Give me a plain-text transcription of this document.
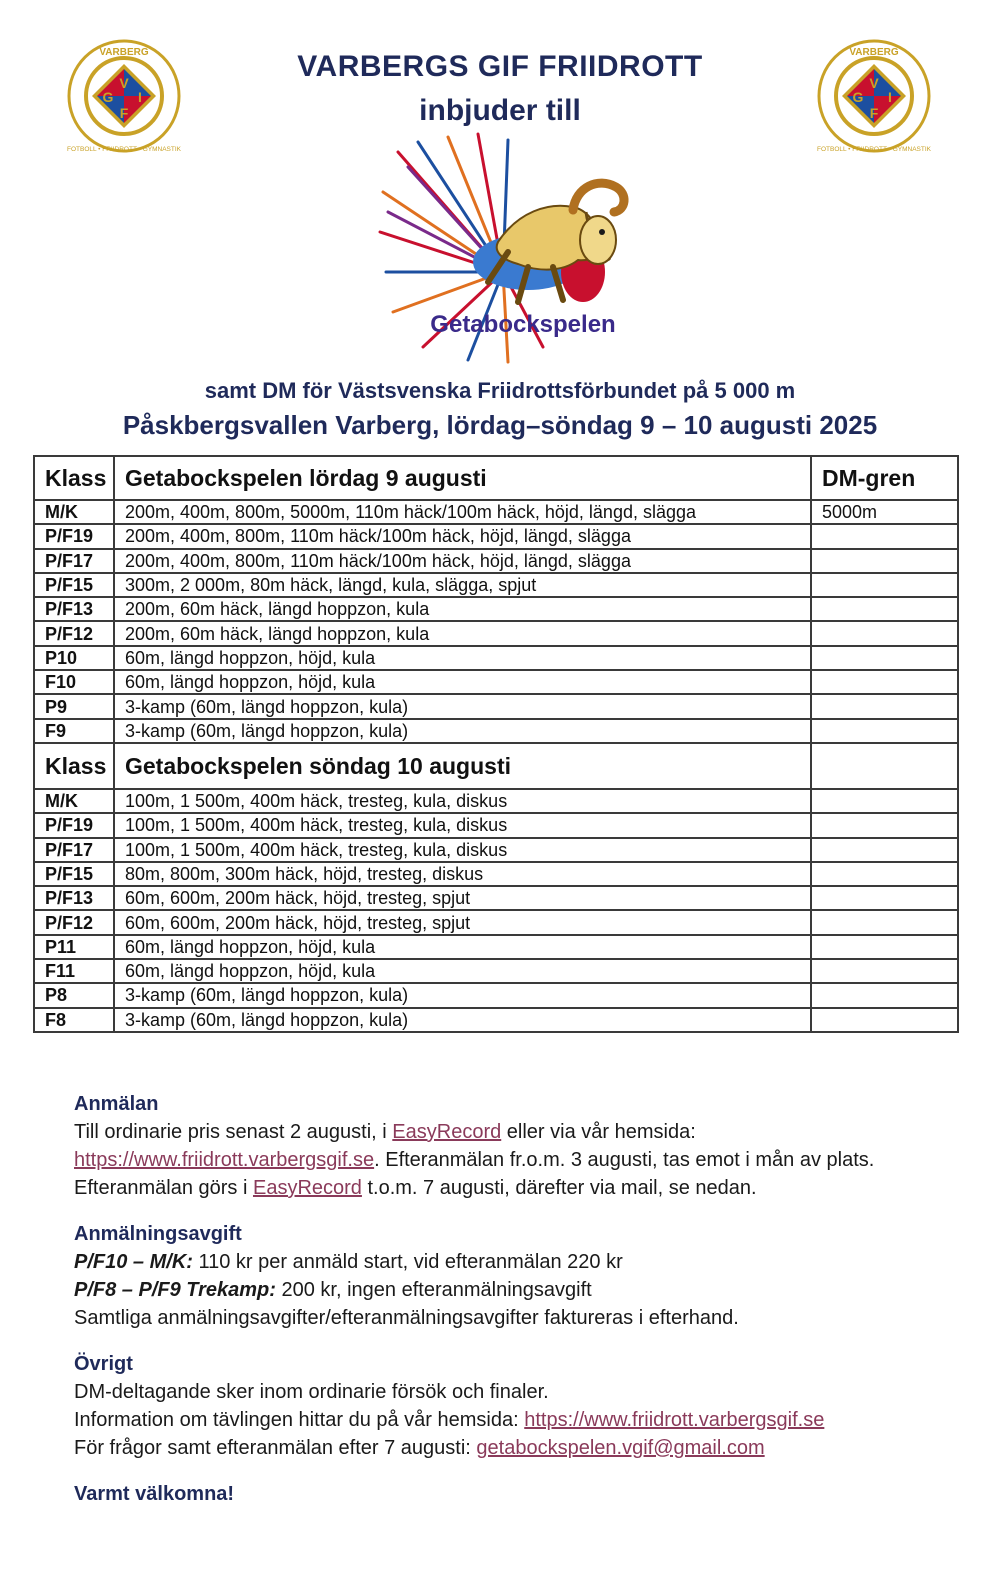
V
G I
F
VARBERG
FOTBOLL • FRIIDROTT • GYMNASTIK
V
G I
F
VARBERG
FOTBOLL • FRIIDROTT • GYMNASTIK
VARBERGS GIF FRIIDROTT
inbjuder till
Getabockspelen
samt DM för Västsvenska Friidrottsförbundet på 5 000 m
Påskbergsvallen Varberg, lördag–söndag 9 – 10 augusti 2025
Klass	Getabockspelen lördag 9 augusti	DM-gren
M/K	200m, 400m, 800m, 5000m, 110m häck/100m häck, höjd, längd, slägga	5000m
P/F19	200m, 400m, 800m, 110m häck/100m häck, höjd, längd, slägga	
P/F17	200m, 400m, 800m, 110m häck/100m häck, höjd, längd, slägga	
P/F15	300m, 2 000m, 80m häck, längd, kula, slägga, spjut	
P/F13	200m, 60m häck, längd hoppzon, kula	
P/F12	200m, 60m häck, längd hoppzon, kula	
P10	60m, längd hoppzon, höjd, kula	
F10	60m, längd hoppzon, höjd, kula	
P9	3-kamp (60m, längd hoppzon, kula)	
F9	3-kamp (60m, längd hoppzon, kula)	
Klass	Getabockspelen söndag 10 augusti	
M/K	100m, 1 500m, 400m häck, tresteg, kula, diskus	
P/F19	100m, 1 500m, 400m häck, tresteg, kula, diskus	
P/F17	100m, 1 500m, 400m häck, tresteg, kula, diskus	
P/F15	80m, 800m, 300m häck, höjd, tresteg, diskus	
P/F13	60m, 600m, 200m häck, höjd, tresteg, spjut	
P/F12	60m, 600m, 200m häck, höjd, tresteg, spjut	
P11	60m, längd hoppzon, höjd, kula	
F11	60m, längd hoppzon, höjd, kula	
P8	3-kamp (60m, längd hoppzon, kula)	
F8	3-kamp (60m, längd hoppzon, kula)	
Anmälan

Till ordinarie pris senast 2 augusti, i EasyRecord eller via vår hemsida:

https://www.friidrott.varbergsgif.se. Efteranmälan fr.o.m. 3 augusti, tas emot i mån av plats.

Efteranmälan görs i EasyRecord t.o.m. 7 augusti, därefter via mail, se nedan.

Anmälningsavgift

P/F10 – M/K: 110 kr per anmäld start, vid efteranmälan 220 kr

P/F8 – P/F9 Trekamp: 200 kr, ingen efteranmälningsavgift

Samtliga anmälningsavgifter/efteranmälningsavgifter faktureras i efterhand.

Övrigt

DM-deltagande sker inom ordinarie försök och finaler.

Information om tävlingen hittar du på vår hemsida: https://www.friidrott.varbergsgif.se

För frågor samt efteranmälan efter 7 augusti: getabockspelen.vgif@gmail.com

Varmt välkomna!
